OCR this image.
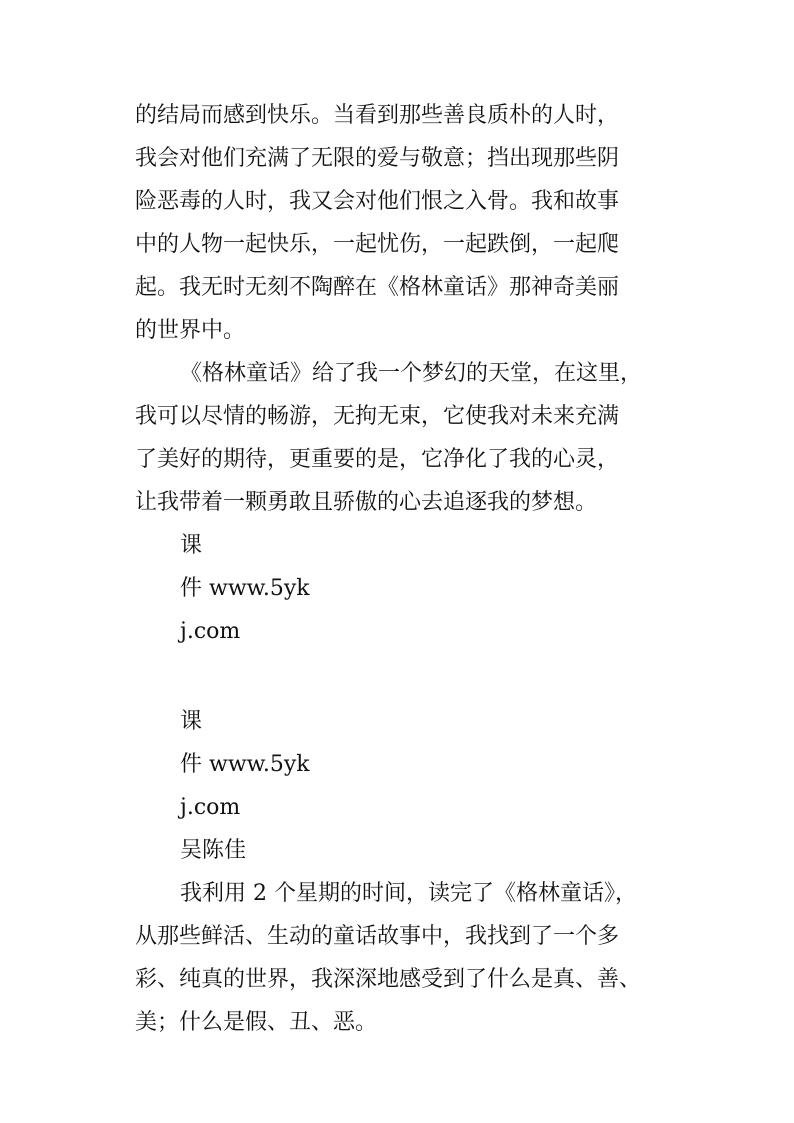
的结局而感到快乐。当看到那些善良质朴的人时，

我会对他们充满了无限的爱与敬意；挡出现那些阴

险恶毒的人时，我又会对他们恨之入骨。我和故事

中的人物一起快乐，一起忧伤，一起跌倒，一起爬

起。我无时无刻不陶醉在《格林童话》那神奇美丽

的世界中。

《格林童话》给了我一个梦幻的天堂，在这里，

我可以尽情的畅游，无拘无束，它使我对未来充满

了美好的期待，更重要的是，它净化了我的心灵，

让我带着一颗勇敢且骄傲的心去追逐我的梦想。

课

件 www.5yk

j.com

课

件 www.5yk

j.com

吴陈佳

我利用 2 个星期的时间，读完了《格林童话》，

从那些鲜活、生动的童话故事中，我找到了一个多

彩、纯真的世界，我深深地感受到了什么是真、善、

美；什么是假、丑、恶。
